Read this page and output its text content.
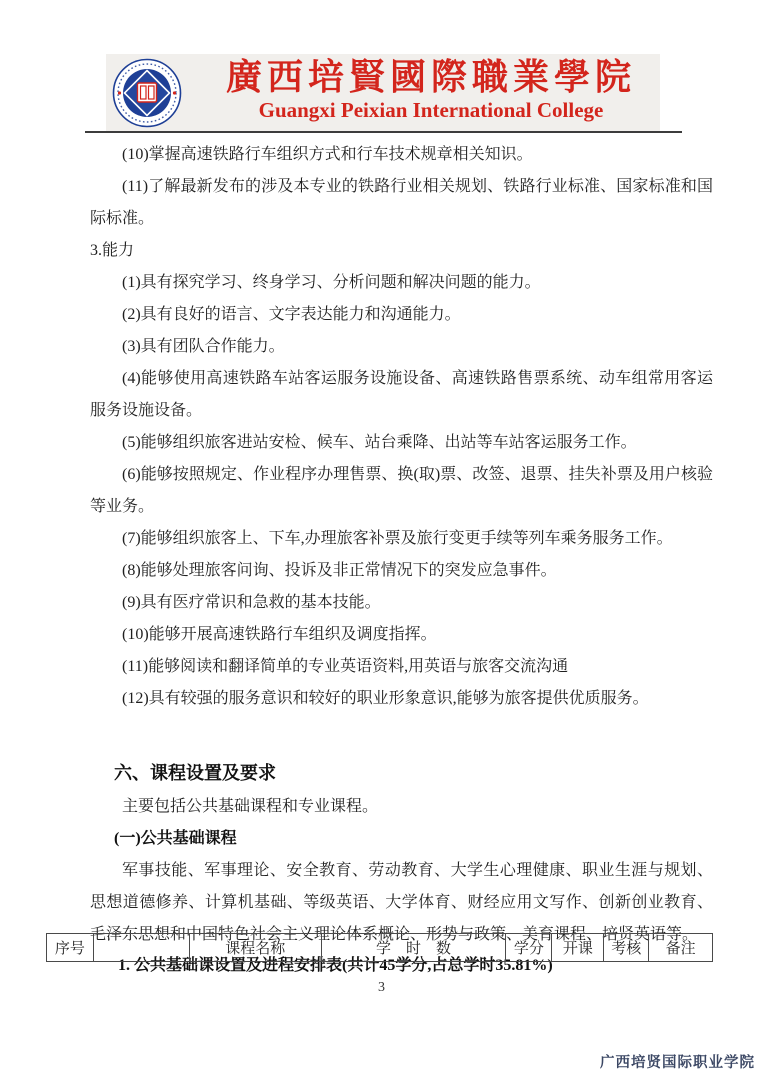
廣西培賢國際職業學院
Guangxi Peixian International College

(10)掌握高速铁路行车组织方式和行车技术规章相关知识。

(11)了解最新发布的涉及本专业的铁路行业相关规划、铁路行业标准、国家标准和国际标准。

3.能力

(1)具有探究学习、终身学习、分析问题和解决问题的能力。

(2)具有良好的语言、文字表达能力和沟通能力。

(3)具有团队合作能力。

(4)能够使用高速铁路车站客运服务设施设备、高速铁路售票系统、动车组常用客运服务设施设备。

(5)能够组织旅客进站安检、候车、站台乘降、出站等车站客运服务工作。

(6)能够按照规定、作业程序办理售票、换(取)票、改签、退票、挂失补票及用户核验等业务。

(7)能够组织旅客上、下车,办理旅客补票及旅行变更手续等列车乘务服务工作。

(8)能够处理旅客问询、投诉及非正常情况下的突发应急事件。

(9)具有医疗常识和急救的基本技能。

(10)能够开展高速铁路行车组织及调度指挥。

(11)能够阅读和翻译简单的专业英语资料,用英语与旅客交流沟通

(12)具有较强的服务意识和较好的职业形象意识,能够为旅客提供优质服务。

六、课程设置及要求

主要包括公共基础课程和专业课程。

(一)公共基础课程

军事技能、军事理论、安全教育、劳动教育、大学生心理健康、职业生涯与规划、思想道德修养、计算机基础、等级英语、大学体育、财经应用文写作、创新创业教育、毛泽东思想和中国特色社会主义理论体系概论、形势与政策、美育课程、培贤英语等。

1. 公共基础课设置及进程安排表(共计45学分,占总学时35.81%)

序号		课程名称	学　时　数	学分	开课	考核	备注
3
广西培贤国际职业学院
